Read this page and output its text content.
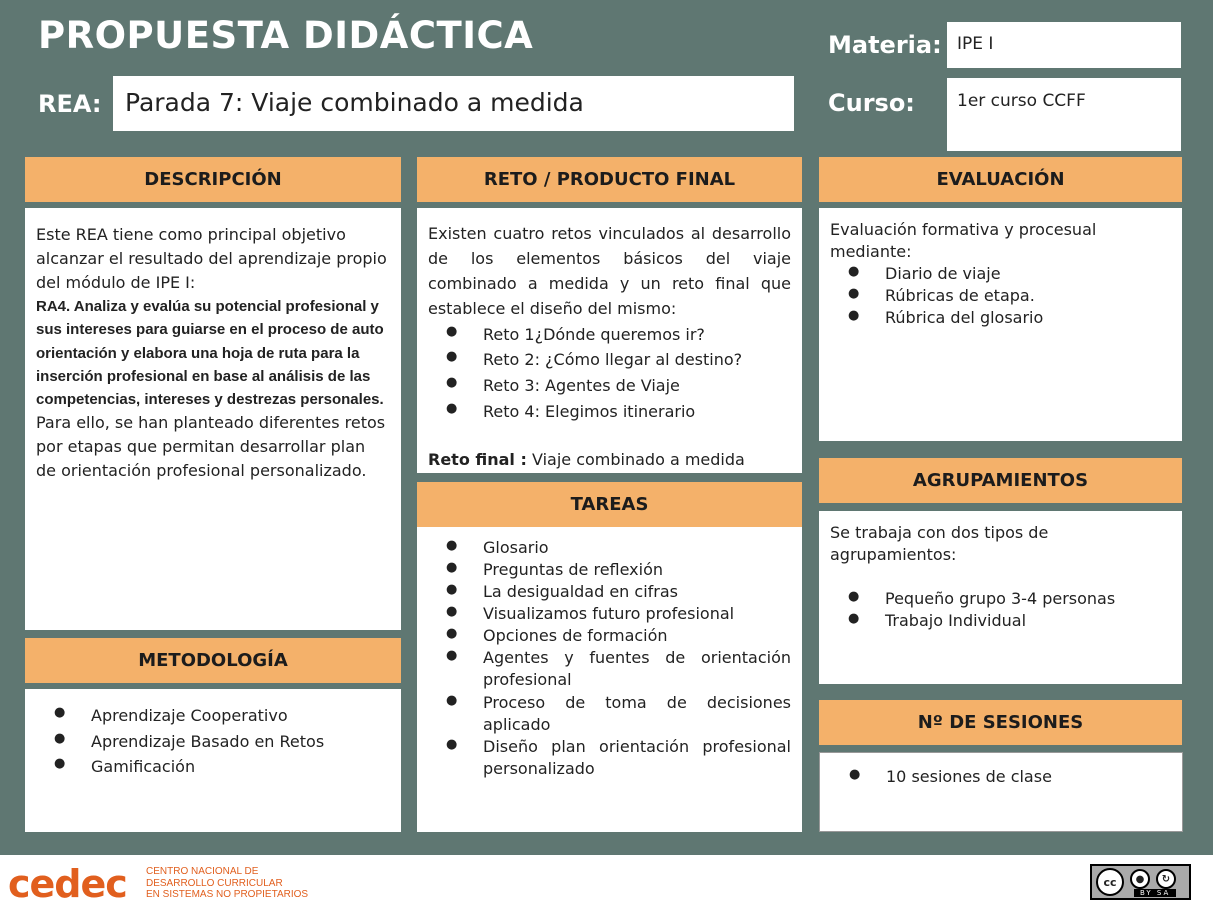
PROPUESTA DIDÁCTICA	Materia: IPE I
REA: Parada 7: Viaje combinado a medida	Curso:	1er curso CCFF
DESCRIPCIÓN

Este REA tiene como principal objetivo alcanzar el resultado del aprendizaje propio del módulo de IPE I:

RA4. Analiza y evalúa su potencial profesional y sus intereses para guiarse en el proceso de auto orientación y elabora una hoja de ruta para la inserción profesional en base al análisis de las competencias, intereses y destrezas personales.

Para ello, se han planteado diferentes retos por etapas que permitan desarrollar plan de orientación profesional personalizado.

METODOLOGÍA
● Aprendizaje Cooperativo
● Aprendizaje Basado en Retos
● Gamificación
RETO / PRODUCTO FINAL

Existen cuatro retos vinculados al desarrollo de los elementos básicos del viaje combinado a medida y un reto final que establece el diseño del mismo:

● Reto 1¿Dónde queremos ir?
● Reto 2: ¿Cómo llegar al destino?
● Reto 3: Agentes de Viaje
● Reto 4: Elegimos itinerario

Reto final : Viaje combinado a medida

TAREAS
● Glosario
● Preguntas de reflexión
● La desigualdad en cifras
● Visualizamos futuro profesional
● Opciones de formación
● Agentes y fuentes de orientación profesional
● Proceso de toma de decisiones aplicado
● Diseño plan orientación profesional personalizado
EVALUACIÓN

Evaluación formativa y procesual mediante:

● Diario de viaje
● Rúbricas de etapa.
● Rúbrica del glosario
AGRUPAMIENTOS

Se trabaja con dos tipos de agrupamientos:

● Pequeño grupo 3-4 personas
● Trabajo Individual
Nº DE SESIONES
● 10 sesiones de clase
cedec CENTRO NACIONAL DE
DESARROLLO CURRICULAR
EN SISTEMAS NO PROPIETARIOS
cc	●	↻
BY SA
